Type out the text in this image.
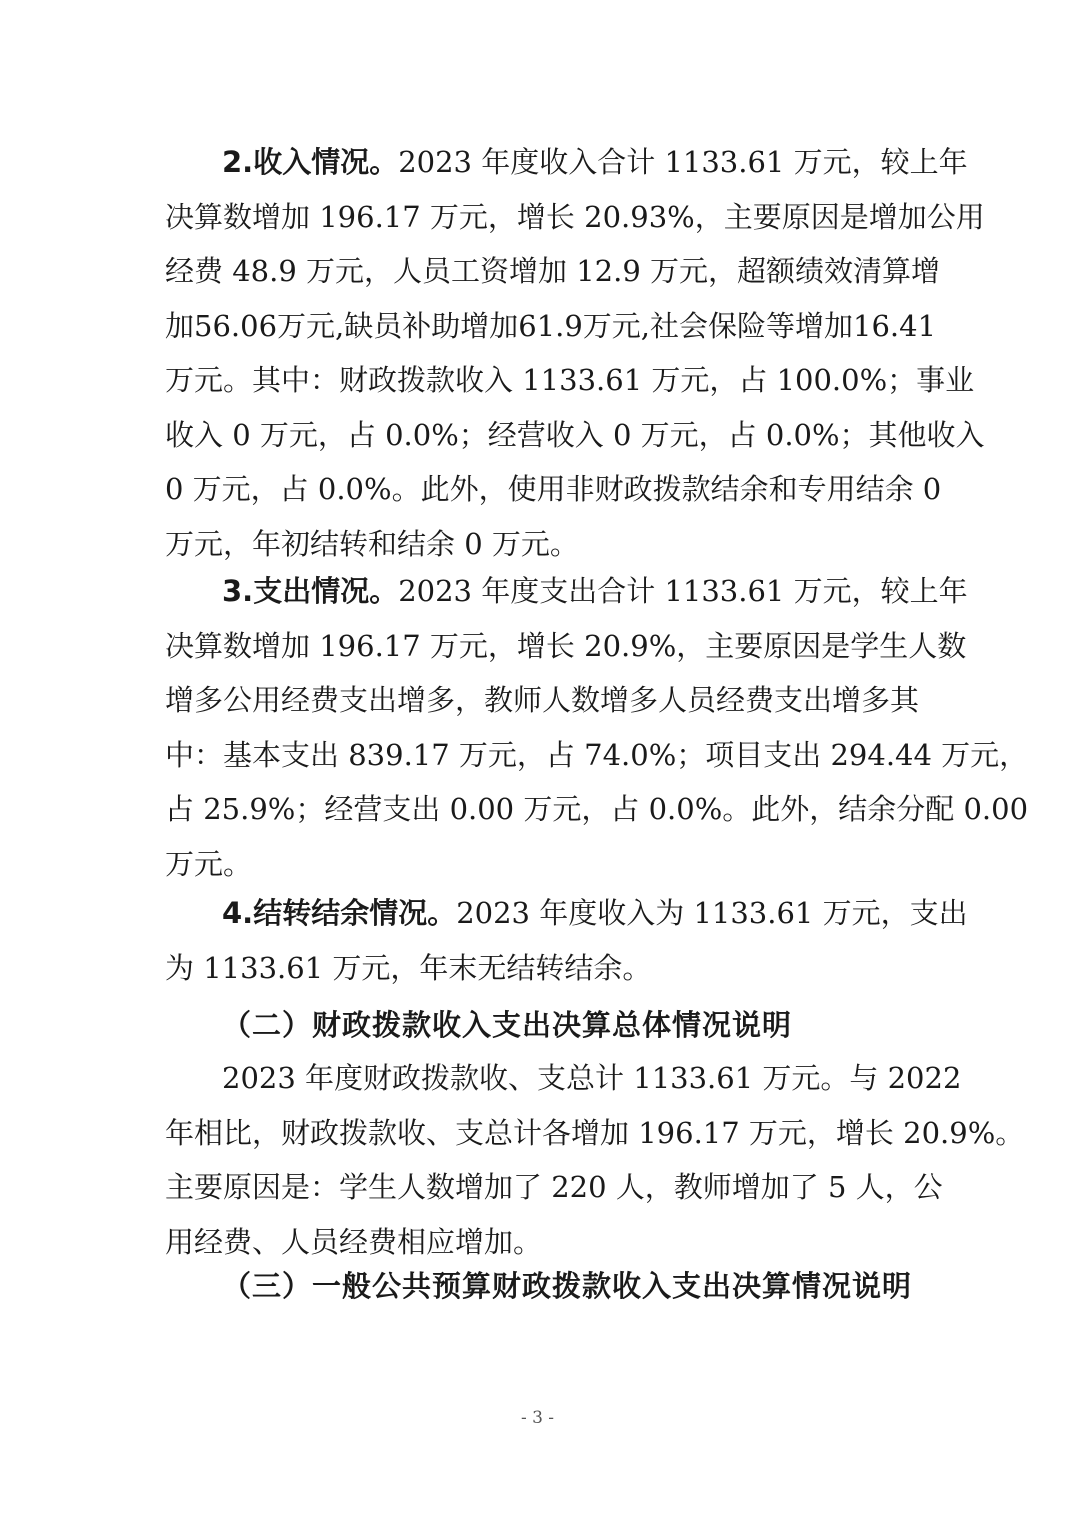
2.收入情况。2023 年度收入合计 1133.61 万元，较上年
决算数增加 196.17 万元，增长 20.93%，主要原因是增加公用
经费 48.9 万元，人员工资增加 12.9 万元，超额绩效清算增
加56.06万元,缺员补助增加61.9万元,社会保险等增加16.41
万元。其中：财政拨款收入 1133.61 万元，占 100.0%；事业
收入 0 万元，占 0.0%；经营收入 0 万元，占 0.0%；其他收入
0 万元，占 0.0%。此外，使用非财政拨款结余和专用结余 0
万元，年初结转和结余 0 万元。
3.支出情况。2023 年度支出合计 1133.61 万元，较上年
决算数增加 196.17 万元，增长 20.9%，主要原因是学生人数
增多公用经费支出增多，教师人数增多人员经费支出增多其
中：基本支出 839.17 万元，占 74.0%；项目支出 294.44 万元，
占 25.9%；经营支出 0.00 万元，占 0.0%。此外，结余分配 0.00
万元。
4.结转结余情况。2023 年度收入为 1133.61 万元，支出
为 1133.61 万元，年末无结转结余。
（二）财政拨款收入支出决算总体情况说明
2023 年度财政拨款收、支总计 1133.61 万元。与 2022
年相比，财政拨款收、支总计各增加 196.17 万元，增长 20.9%。
主要原因是：学生人数增加了 220 人，教师增加了 5 人，公
用经费、人员经费相应增加。
（三）一般公共预算财政拨款收入支出决算情况说明
- 3 -
